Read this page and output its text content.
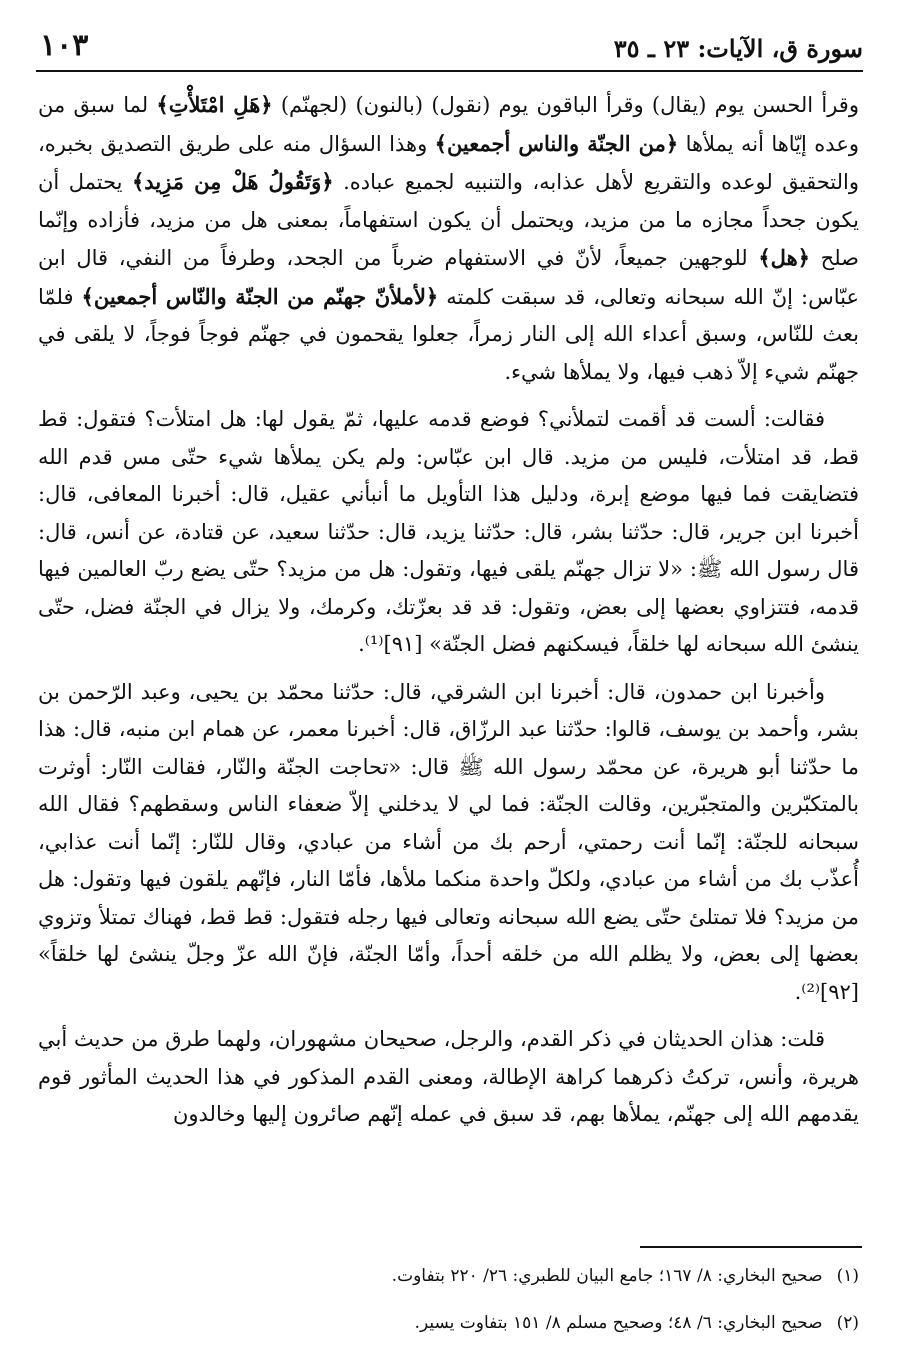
١٠٣	سورة ق، الآيات: ٢٣ ـ ٣٥

وقرأ الحسن يوم (يقال) وقرأ الباقون يوم (نقول) (بالنون) (لجهنّم) ﴿هَلِ امْتَلأْتِ﴾ لما سبق من وعده إيّاها أنه يملأها ﴿من الجنّة والناس أجمعين﴾ وهذا السؤال منه على طريق التصديق بخبره، والتحقيق لوعده والتقريع لأهل عذابه، والتنبيه لجميع عباده. ﴿وَتَقُولُ هَلْ مِن مَزِيد﴾ يحتمل أن يكون جحداً مجازه ما من مزيد، ويحتمل أن يكون استفهاماً، بمعنى هل من مزيد، فأزاده وإنّما صلح ﴿هل﴾ للوجهين جميعاً، لأنّ في الاستفهام ضرباً من الجحد، وطرفاً من النفي، قال ابن عبّاس: إنّ الله سبحانه وتعالى، قد سبقت كلمته ﴿لأملأنّ جهنّم من الجنّة والنّاس أجمعين﴾ فلمّا بعث للنّاس، وسبق أعداء الله إلى النار زمراً، جعلوا يقحمون في جهنّم فوجاً فوجاً، لا يلقى في جهنّم شيء إلاّ ذهب فيها، ولا يملأها شيء.

فقالت: ألست قد أقمت لتملأني؟ فوضع قدمه عليها، ثمّ يقول لها: هل امتلأت؟ فتقول: قط قط، قد امتلأت، فليس من مزيد. قال ابن عبّاس: ولم يكن يملأها شيء حتّى مس قدم الله فتضايقت فما فيها موضع إبرة، ودليل هذا التأويل ما أنبأني عقيل، قال: أخبرنا المعافى، قال: أخبرنا ابن جرير، قال: حدّثنا بشر، قال: حدّثنا يزيد، قال: حدّثنا سعيد، عن قتادة، عن أنس، قال: قال رسول الله ﷺ: «لا تزال جهنّم يلقى فيها، وتقول: هل من مزيد؟ حتّى يضع ربّ العالمين فيها قدمه، فتتزاوي بعضها إلى بعض، وتقول: قد قد بعزّتك، وكرمك، ولا يزال في الجنّة فضل، حتّى ينشئ الله سبحانه لها خلقاً، فيسكنهم فضل الجنّة» [٩١]⁽¹⁾.

وأخبرنا ابن حمدون، قال: أخبرنا ابن الشرقي، قال: حدّثنا محمّد بن يحيى، وعبد الرّحمن بن بشر، وأحمد بن يوسف، قالوا: حدّثنا عبد الرزّاق، قال: أخبرنا معمر، عن همام ابن منبه، قال: هذا ما حدّثنا أبو هريرة، عن محمّد رسول الله ﷺ قال: «تحاجت الجنّة والنّار، فقالت النّار: أوثرت بالمتكبّرين والمتجبّرين، وقالت الجنّة: فما لي لا يدخلني إلاّ ضعفاء الناس وسقطهم؟ فقال الله سبحانه للجنّة: إنّما أنت رحمتي، أرحم بك من أشاء من عبادي، وقال للنّار: إنّما أنت عذابي، أُعذّب بك من أشاء من عبادي، ولكلّ واحدة منكما ملأها، فأمّا النار، فإنّهم يلقون فيها وتقول: هل من مزيد؟ فلا تمتلئ حتّى يضع الله سبحانه وتعالى فيها رجله فتقول: قط قط، فهناك تمتلأ وتزوي بعضها إلى بعض، ولا يظلم الله من خلقه أحداً، وأمّا الجنّة، فإنّ الله عزّ وجلّ ينشئ لها خلقاً» [٩٢]⁽²⁾.

قلت: هذان الحديثان في ذكر القدم، والرجل، صحيحان مشهوران، ولهما طرق من حديث أبي هريرة، وأنس، تركتُ ذكرهما كراهة الإطالة، ومعنى القدم المذكور في هذا الحديث المأثور قوم يقدمهم الله إلى جهنّم، يملأها بهم، قد سبق في عمله إنّهم صائرون إليها وخالدون

(١)صحيح البخاري: ٨/ ١٦٧؛ جامع البيان للطبري: ٢٦/ ٢٢٠ بتفاوت.
(٢)صحيح البخاري: ٦/ ٤٨؛ وصحيح مسلم ٨/ ١٥١ بتفاوت يسير.
